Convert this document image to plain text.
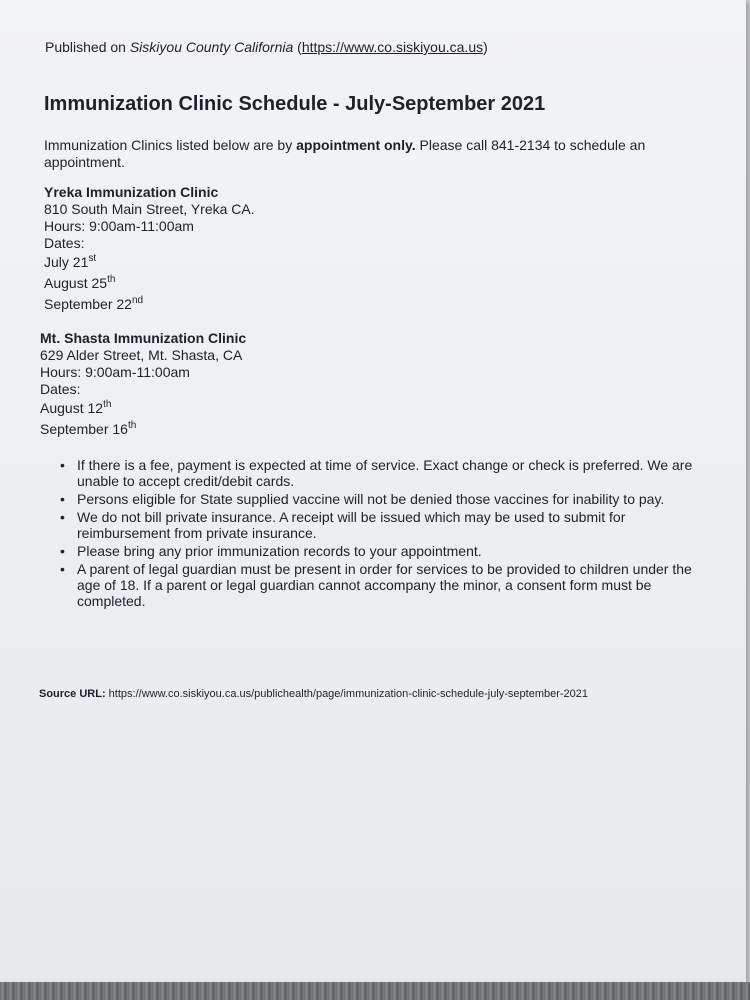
Published on Siskiyou County California (https://www.co.siskiyou.ca.us)
Immunization Clinic Schedule - July-September 2021

Immunization Clinics listed below are by appointment only. Please call 841-2134 to schedule an appointment.

Yreka Immunization Clinic
810 South Main Street, Yreka CA.
Hours: 9:00am-11:00am
Dates:
July 21st
August 25th
September 22nd
Mt. Shasta Immunization Clinic
629 Alder Street, Mt. Shasta, CA
Hours: 9:00am-11:00am
Dates:
August 12th
September 16th
• If there is a fee, payment is expected at time of service. Exact change or check is preferred. We are unable to accept credit/debit cards.
• Persons eligible for State supplied vaccine will not be denied those vaccines for inability to pay.
• We do not bill private insurance. A receipt will be issued which may be used to submit for reimbursement from private insurance.
• Please bring any prior immunization records to your appointment.
• A parent of legal guardian must be present in order for services to be provided to children under the age of 18. If a parent or legal guardian cannot accompany the minor, a consent form must be completed.
Source URL: https://www.co.siskiyou.ca.us/publichealth/page/immunization-clinic-schedule-july-september-2021
